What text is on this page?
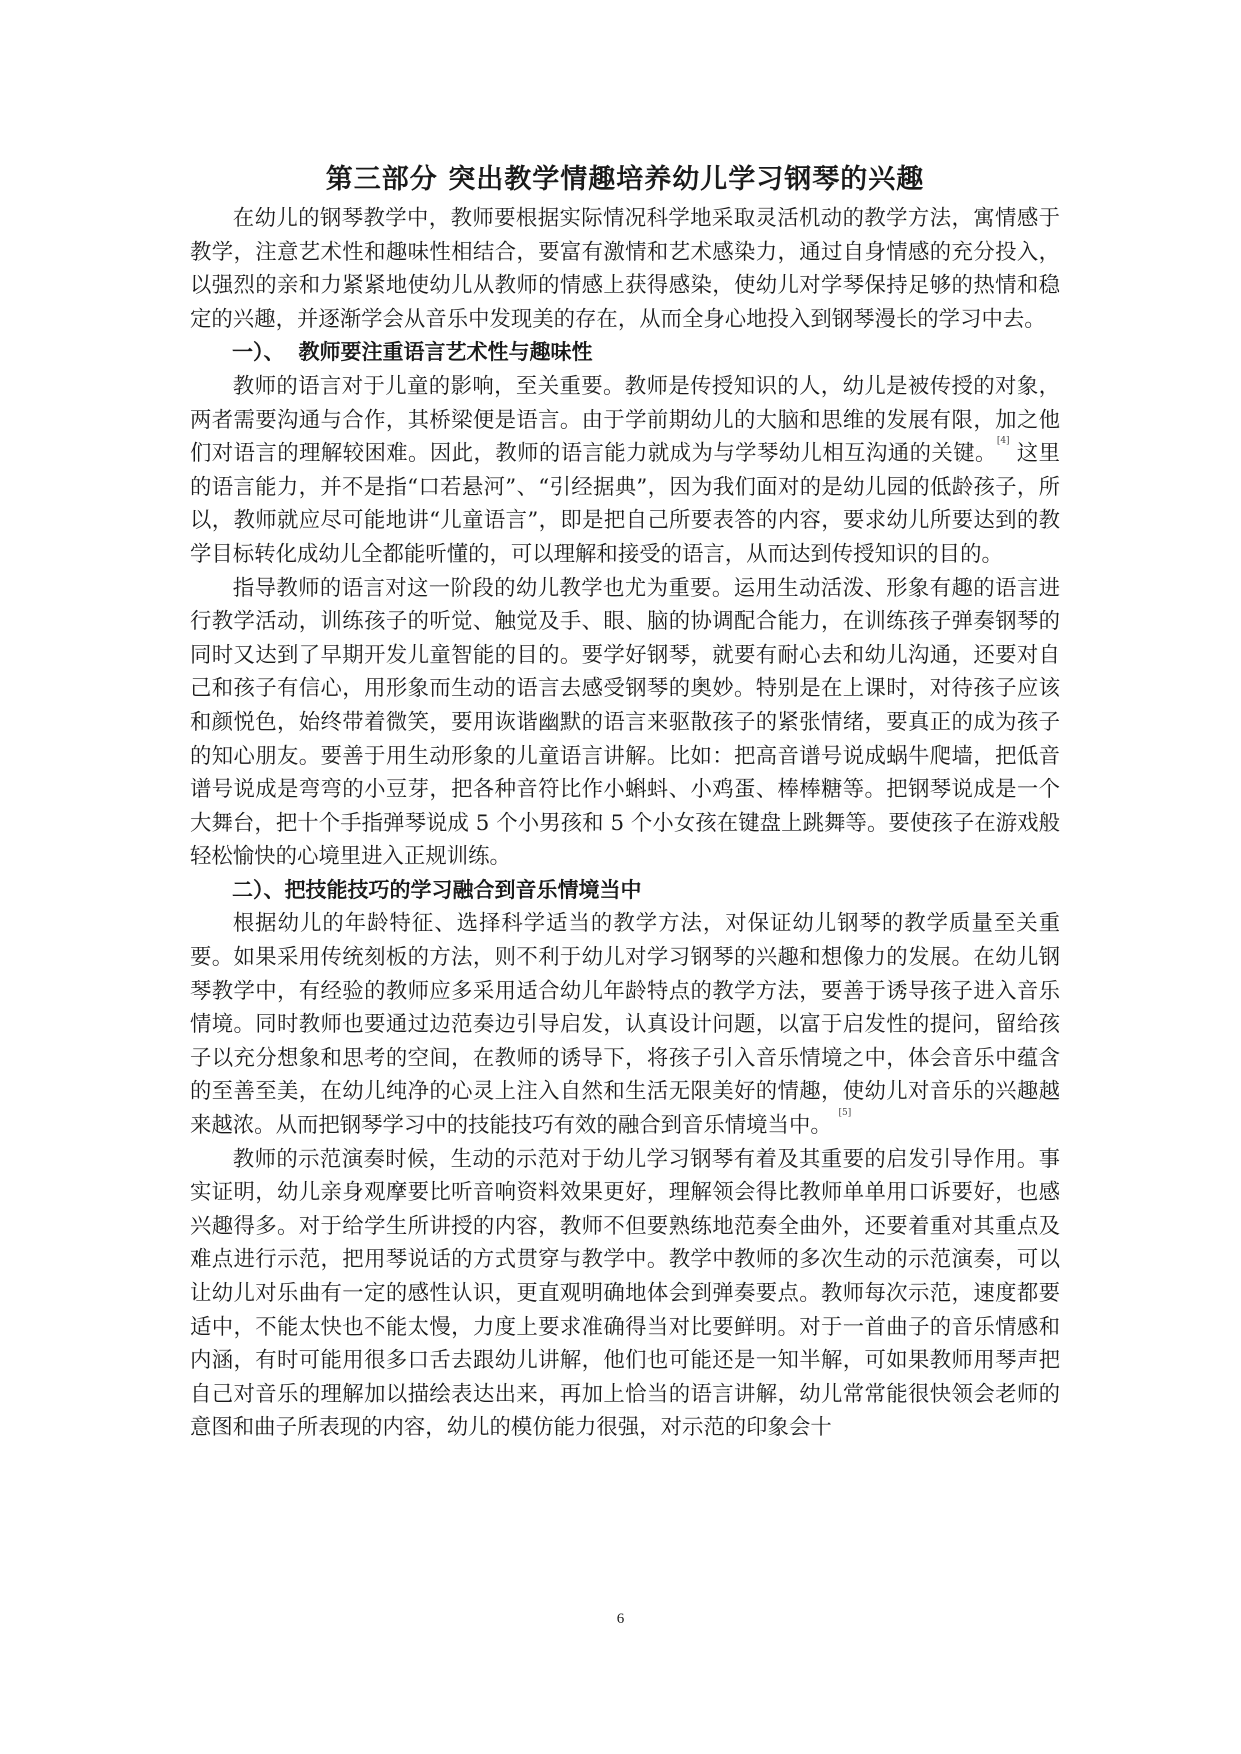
第三部分 突出教学情趣培养幼儿学习钢琴的兴趣

在幼儿的钢琴教学中，教师要根据实际情况科学地采取灵活机动的教学方法，寓情感于教学，注意艺术性和趣味性相结合，要富有激情和艺术感染力，通过自身情感的充分投入，以强烈的亲和力紧紧地使幼儿从教师的情感上获得感染，使幼儿对学琴保持足够的热情和稳定的兴趣，并逐渐学会从音乐中发现美的存在，从而全身心地投入到钢琴漫长的学习中去。

一）、 教师要注重语言艺术性与趣味性

教师的语言对于儿童的影响，至关重要。教师是传授知识的人，幼儿是被传授的对象，两者需要沟通与合作，其桥梁便是语言。由于学前期幼儿的大脑和思维的发展有限，加之他们对语言的理解较困难。因此，教师的语言能力就成为与学琴幼儿相互沟通的关键。[4] 这里的语言能力，并不是指“口若悬河”、“引经据典”，因为我们面对的是幼儿园的低龄孩子，所以，教师就应尽可能地讲“儿童语言”，即是把自己所要表答的内容，要求幼儿所要达到的教学目标转化成幼儿全都能听懂的，可以理解和接受的语言，从而达到传授知识的目的。

指导教师的语言对这一阶段的幼儿教学也尤为重要。运用生动活泼、形象有趣的语言进行教学活动，训练孩子的听觉、触觉及手、眼、脑的协调配合能力，在训练孩子弹奏钢琴的同时又达到了早期开发儿童智能的目的。要学好钢琴，就要有耐心去和幼儿沟通，还要对自己和孩子有信心，用形象而生动的语言去感受钢琴的奥妙。特别是在上课时，对待孩子应该和颜悦色，始终带着微笑，要用诙谐幽默的语言来驱散孩子的紧张情绪，要真正的成为孩子的知心朋友。要善于用生动形象的儿童语言讲解。比如：把高音谱号说成蜗牛爬墙，把低音谱号说成是弯弯的小豆芽，把各种音符比作小蝌蚪、小鸡蛋、棒棒糖等。把钢琴说成是一个大舞台，把十个手指弹琴说成 5 个小男孩和 5 个小女孩在键盘上跳舞等。要使孩子在游戏般轻松愉快的心境里进入正规训练。

二）、把技能技巧的学习融合到音乐情境当中

根据幼儿的年龄特征、选择科学适当的教学方法，对保证幼儿钢琴的教学质量至关重要。如果采用传统刻板的方法，则不利于幼儿对学习钢琴的兴趣和想像力的发展。在幼儿钢琴教学中，有经验的教师应多采用适合幼儿年龄特点的教学方法，要善于诱导孩子进入音乐情境。同时教师也要通过边范奏边引导启发，认真设计问题，以富于启发性的提问，留给孩子以充分想象和思考的空间，在教师的诱导下，将孩子引入音乐情境之中，体会音乐中蕴含的至善至美，在幼儿纯净的心灵上注入自然和生活无限美好的情趣，使幼儿对音乐的兴趣越来越浓。从而把钢琴学习中的技能技巧有效的融合到音乐情境当中。 [5]

教师的示范演奏时候，生动的示范对于幼儿学习钢琴有着及其重要的启发引导作用。事实证明，幼儿亲身观摩要比听音响资料效果更好，理解领会得比教师单单用口诉要好，也感兴趣得多。对于给学生所讲授的内容，教师不但要熟练地范奏全曲外，还要着重对其重点及难点进行示范，把用琴说话的方式贯穿与教学中。教学中教师的多次生动的示范演奏，可以让幼儿对乐曲有一定的感性认识，更直观明确地体会到弹奏要点。教师每次示范，速度都要适中，不能太快也不能太慢，力度上要求准确得当对比要鲜明。对于一首曲子的音乐情感和内涵，有时可能用很多口舌去跟幼儿讲解，他们也可能还是一知半解，可如果教师用琴声把自己对音乐的理解加以描绘表达出来，再加上恰当的语言讲解，幼儿常常能很快领会老师的意图和曲子所表现的内容，幼儿的模仿能力很强，对示范的印象会十

6
